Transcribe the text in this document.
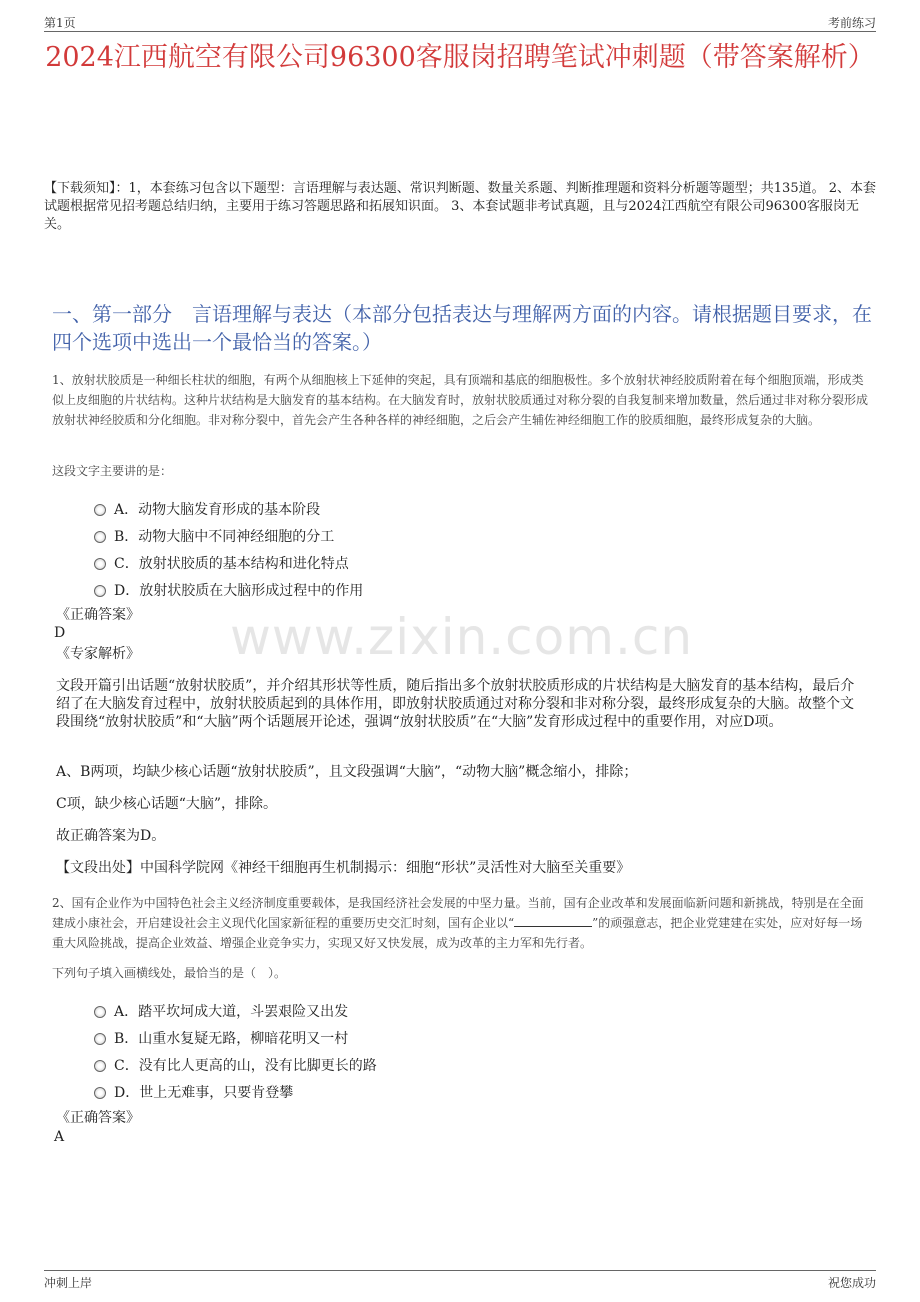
第1页	考前练习
2024江西航空有限公司96300客服岗招聘笔试冲刺题（带答案解析）
【下载须知】：1，本套练习包含以下题型：言语理解与表达题、常识判断题、数量关系题、判断推理题和资料分析题等题型；共135道。 2、本套试题根据常见招考题总结归纳，主要用于练习答题思路和拓展知识面。 3、本套试题非考试真题，且与2024江西航空有限公司96300客服岗无关。
一、第一部分　言语理解与表达（本部分包括表达与理解两方面的内容。请根据题目要求，在四个选项中选出一个最恰当的答案。）
1、放射状胶质是一种细长柱状的细胞，有两个从细胞核上下延伸的突起，具有顶端和基底的细胞极性。多个放射状神经胶质附着在每个细胞顶端，形成类似上皮细胞的片状结构。这种片状结构是大脑发育的基本结构。在大脑发育时，放射状胶质通过对称分裂的自我复制来增加数量，然后通过非对称分裂形成放射状神经胶质和分化细胞。非对称分裂中，首先会产生各种各样的神经细胞，之后会产生辅佐神经细胞工作的胶质细胞，最终形成复杂的大脑。
这段文字主要讲的是：
A．动物大脑发育形成的基本阶段
B．动物大脑中不同神经细胞的分工
C．放射状胶质的基本结构和进化特点
D．放射状胶质在大脑形成过程中的作用
《正确答案》
D
《专家解析》
文段开篇引出话题“放射状胶质”，并介绍其形状等性质，随后指出多个放射状胶质形成的片状结构是大脑发育的基本结构，最后介绍了在大脑发育过程中，放射状胶质起到的具体作用，即放射状胶质通过对称分裂和非对称分裂，最终形成复杂的大脑。故整个文段围绕“放射状胶质”和“大脑”两个话题展开论述，强调“放射状胶质”在“大脑”发育形成过程中的重要作用，对应D项。
A、B两项，均缺少核心话题“放射状胶质”，且文段强调“大脑”，“动物大脑”概念缩小，排除；
C项，缺少核心话题“大脑”，排除。
故正确答案为D。
【文段出处】中国科学院网《神经干细胞再生机制揭示：细胞“形状”灵活性对大脑至关重要》
www.zixin.com.cn
2、国有企业作为中国特色社会主义经济制度重要载体，是我国经济社会发展的中坚力量。当前，国有企业改革和发展面临新问题和新挑战，特别是在全面建成小康社会，开启建设社会主义现代化国家新征程的重要历史交汇时刻，国有企业以“	”的顽强意志，把企业党建建在实处，应对好每一场重大风险挑战，提高企业效益、增强企业竞争实力，实现又好又快发展，成为改革的主力军和先行者。
下列句子填入画横线处，最恰当的是（　）。
A．踏平坎坷成大道，斗罢艰险又出发
B．山重水复疑无路，柳暗花明又一村
C．没有比人更高的山，没有比脚更长的路
D．世上无难事，只要肯登攀
《正确答案》
A
冲刺上岸	祝您成功
